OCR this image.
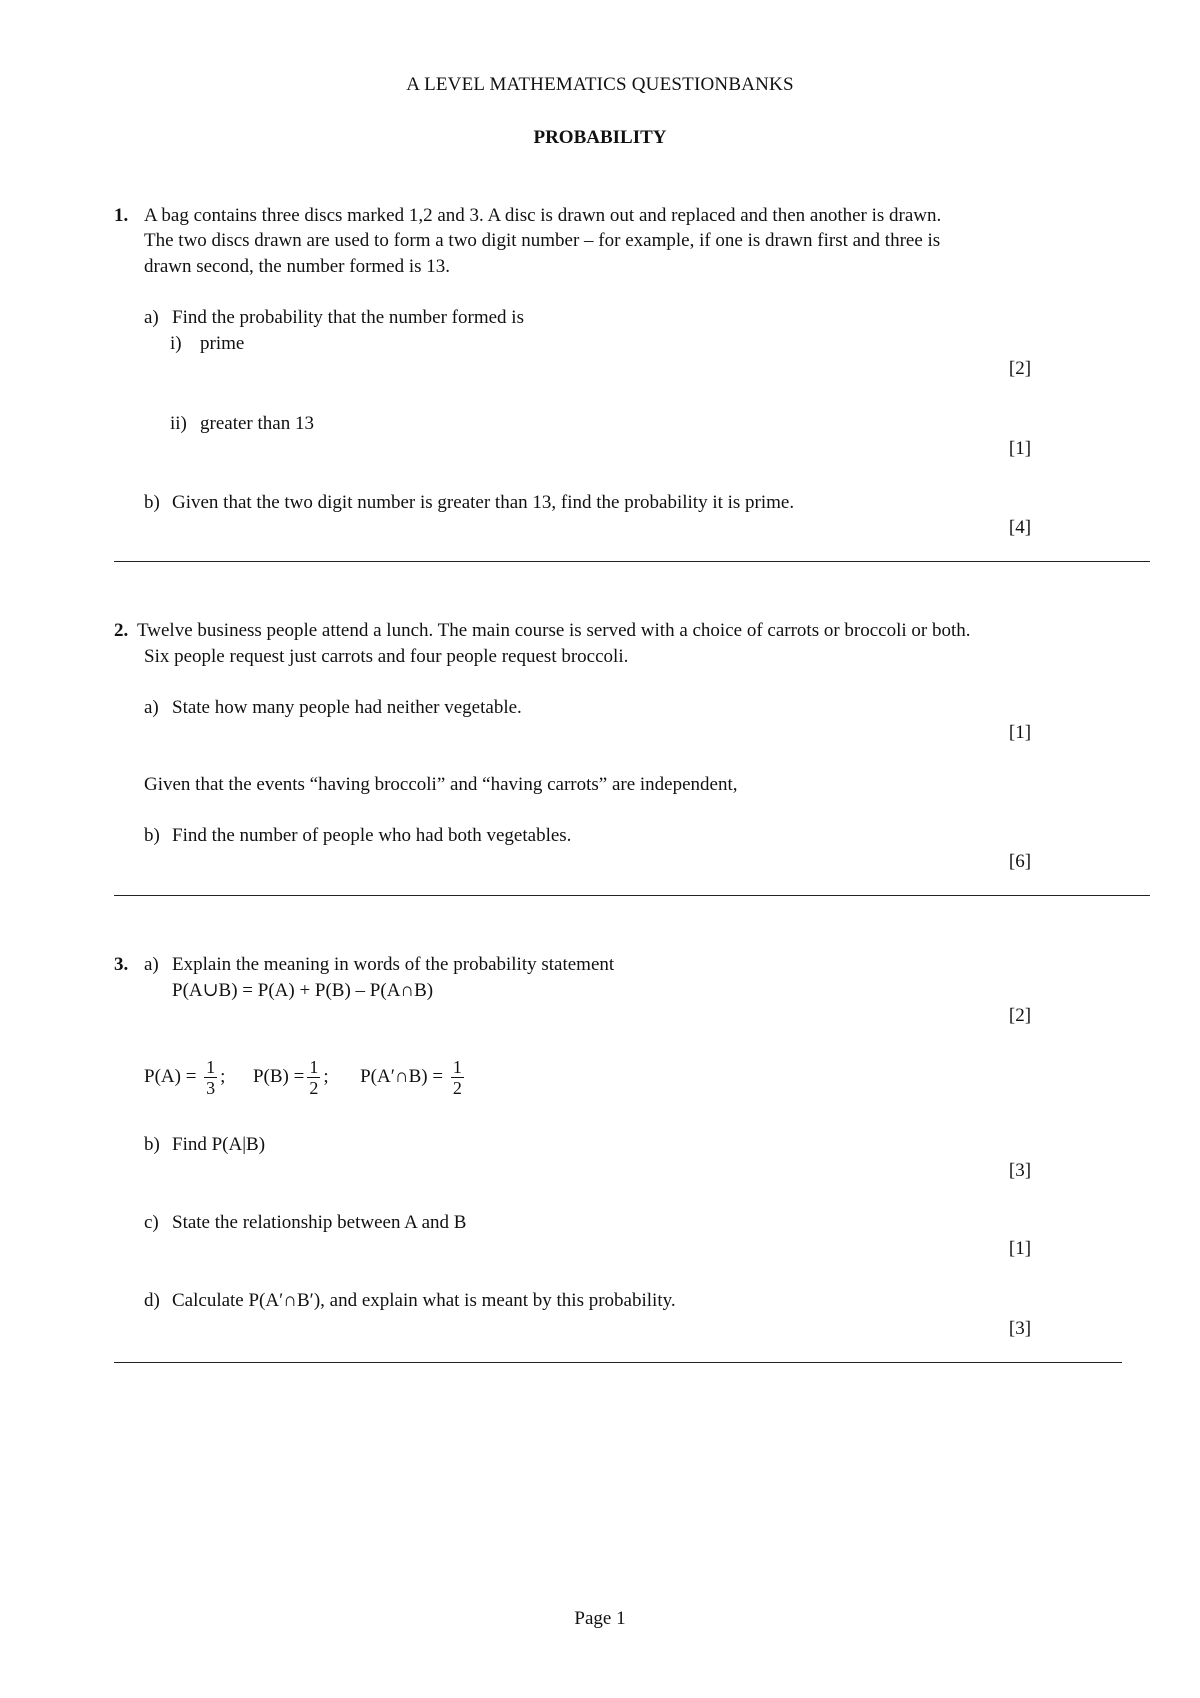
A LEVEL MATHEMATICS QUESTIONBANKS
PROBABILITY
1. A bag contains three discs marked 1,2 and 3. A disc is drawn out and replaced and then another is drawn.
The two discs drawn are used to form a two digit number – for example, if one is drawn first and three is
drawn second, the number formed is 13.
a) Find the probability that the number formed is
i) prime
[2]
ii) greater than 13
[1]
b) Given that the two digit number is greater than 13, find the probability it is prime.
[4]
2. Twelve business people attend a lunch. The main course is served with a choice of carrots or broccoli or both.
Six people request just carrots and four people request broccoli.
a) State how many people had neither vegetable.
[1]
Given that the events “having broccoli” and “having carrots” are independent,
b) Find the number of people who had both vegetables.
[6]
3. a) Explain the meaning in words of the probability statement
P(A∪B) = P(A) + P(B) – P(A∩B)
[2]
$P(A) = \frac{1}{3}$ ; $P(B) = \frac{1}{2}$ ; P(A′∩B) = $\frac{1}{2}$
b) Find P(A|B)
[3]
c) State the relationship between A and B
[1]
d) Calculate P(A′∩B′), and explain what is meant by this probability.
[3]
Page 1
